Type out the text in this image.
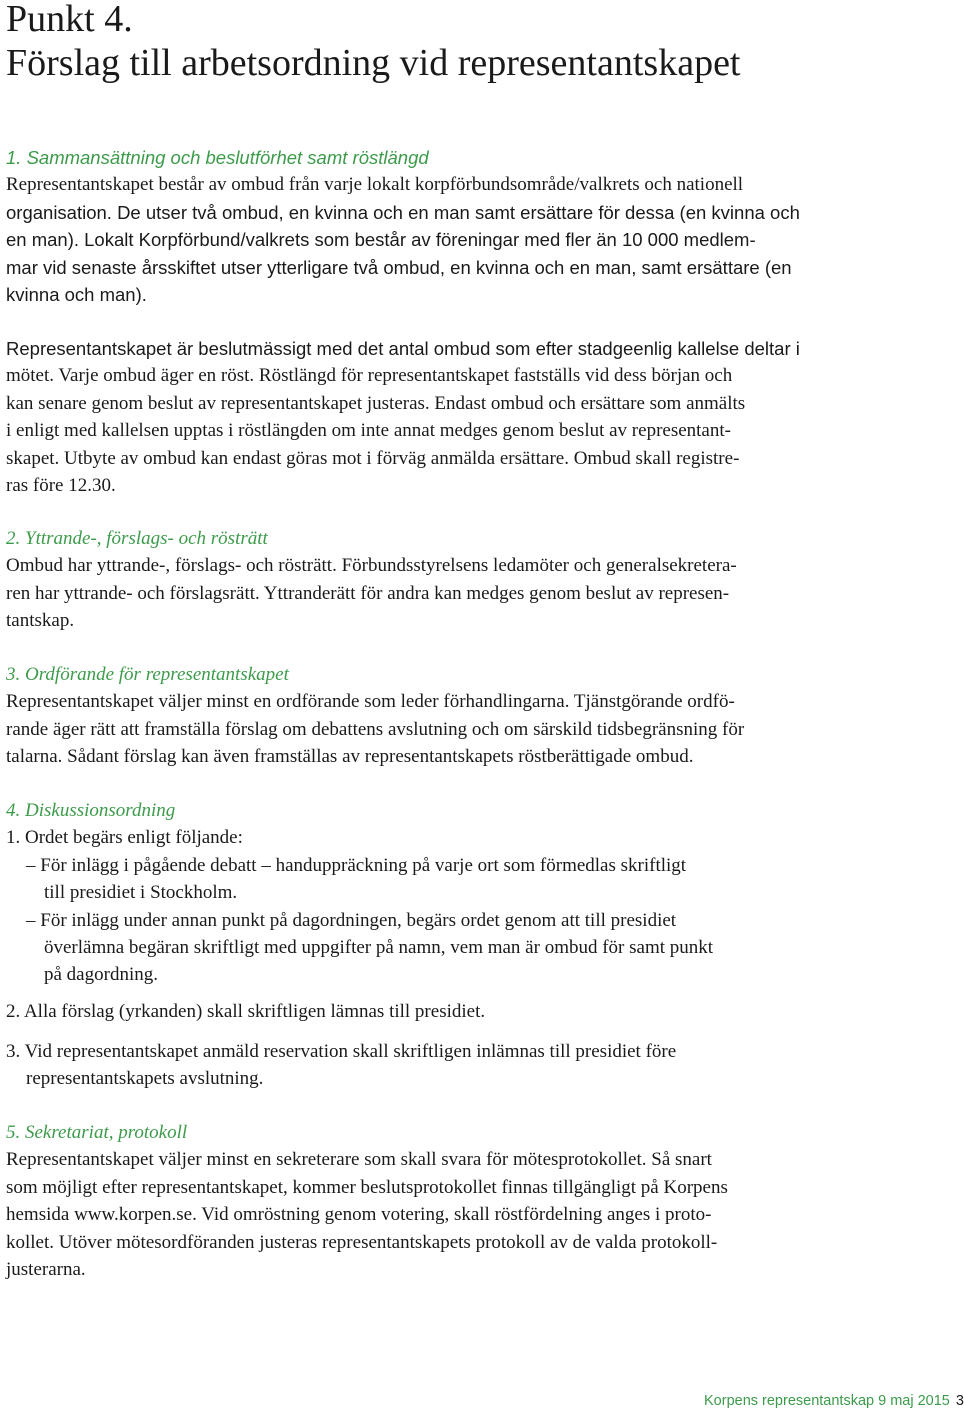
Punkt 4.
Förslag till arbetsordning vid representantskapet
1. Sammansättning och beslutförhet samt röstlängd
Representantskapet består av ombud från varje lokalt korpförbundsområde/valkrets och nationell
organisation. De utser två ombud, en kvinna och en man samt ersättare för dessa (en kvinna och
en man). Lokalt Korpförbund/valkrets som består av föreningar med fler än 10 000 medlem-
mar vid senaste årsskiftet utser ytterligare två ombud, en kvinna och en man, samt ersättare (en
kvinna och man).
Representantskapet är beslutmässigt med det antal ombud som efter stadgeenlig kallelse deltar i
mötet. Varje ombud äger en röst. Röstlängd för representantskapet fastställs vid dess början och
kan senare genom beslut av representantskapet justeras. Endast ombud och ersättare som anmälts
i enligt med kallelsen upptas i röstlängden om inte annat medges genom beslut av representant-
skapet. Utbyte av ombud kan endast göras mot i förväg anmälda ersättare. Ombud skall registre-
ras före 12.30.
2. Yttrande-, förslags- och rösträtt
Ombud har yttrande-, förslags- och rösträtt. Förbundsstyrelsens ledamöter och generalsekretera-
ren har yttrande- och förslagsrätt. Yttranderätt för andra kan medges genom beslut av represen-
tantskap.
3. Ordförande för representantskapet
Representantskapet väljer minst en ordförande som leder förhandlingarna. Tjänstgörande ordfö-
rande äger rätt att framställa förslag om debattens avslutning och om särskild tidsbegränsning för
talarna. Sådant förslag kan även framställas av representantskapets röstberättigade ombud.
4. Diskussionsordning
1. Ordet begärs enligt följande:
– För inlägg i pågående debatt – handuppräckning på varje ort som förmedlas skriftligt
till presidiet i Stockholm.
– För inlägg under annan punkt på dagordningen, begärs ordet genom att till presidiet
överlämna begäran skriftligt med uppgifter på namn, vem man är ombud för samt punkt
på dagordning.
2. Alla förslag (yrkanden) skall skriftligen lämnas till presidiet.
3. Vid representantskapet anmäld reservation skall skriftligen inlämnas till presidiet före
representantskapets avslutning.
5. Sekretariat, protokoll
Representantskapet väljer minst en sekreterare som skall svara för mötesprotokollet. Så snart
som möjligt efter representantskapet, kommer beslutsprotokollet finnas tillgängligt på Korpens
hemsida www.korpen.se. Vid omröstning genom votering, skall röstfördelning anges i proto-
kollet. Utöver mötesordföranden justeras representantskapets protokoll av de valda protokoll-
justerarna.
Korpens representantskap 9 maj 2015 3
